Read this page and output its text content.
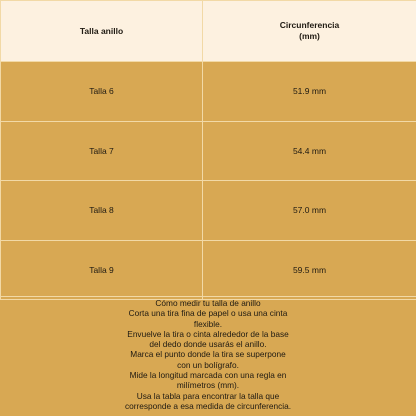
Talla anillo	Circunferencia
(mm)

Talla 6	51.9 mm
Talla 7	54.4 mm
Talla 8	57.0 mm
Talla 9	59.5 mm

Cómo medir tu talla de anillo

Corta una tira fina de papel o usa una cinta flexible.

Envuelve la tira o cinta alrededor de la base del dedo donde usarás el anillo.

Marca el punto donde la tira se superpone con un bolígrafo.

Mide la longitud marcada con una regla en milímetros (mm).

Usa la tabla para encontrar la talla que corresponde a esa medida de circunferencia.
